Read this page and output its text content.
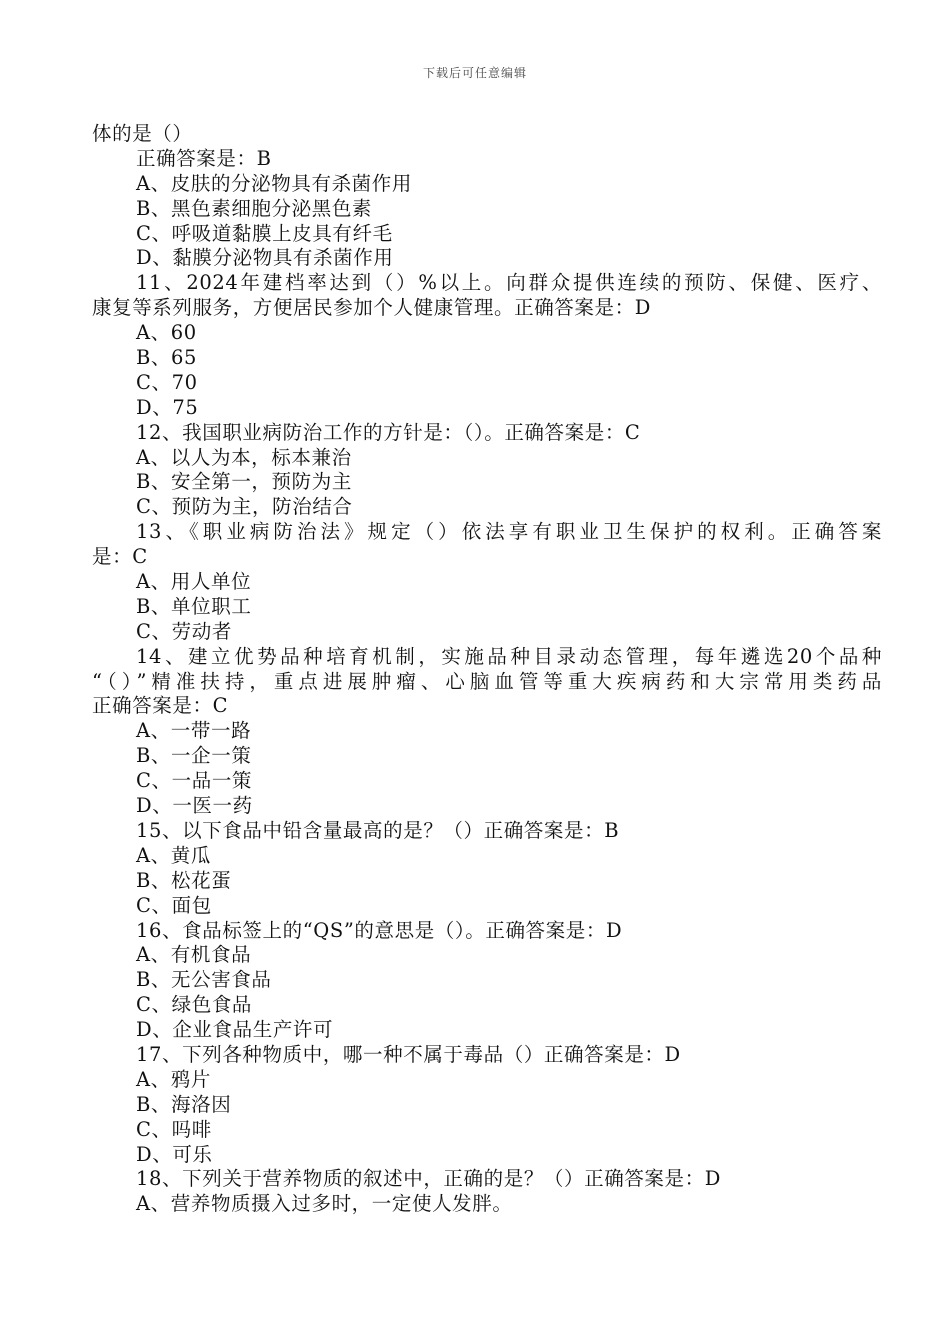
下载后可任意编辑
体的是（）
正确答案是：B
A、皮肤的分泌物具有杀菌作用
B、黑色素细胞分泌黑色素
C、呼吸道黏膜上皮具有纤毛
D、黏膜分泌物具有杀菌作用
11、2024年建档率达到（）%以上。向群众提供连续的预防、保健、医疗、
康复等系列服务，方便居民参加个人健康管理。正确答案是：D
A、60
B、65
C、70
D、75
12、我国职业病防治工作的方针是：（）。正确答案是：C
A、以人为本，标本兼治
B、安全第一，预防为主
C、预防为主，防治结合
13、《职业病防治法》规定（）依法享有职业卫生保护的权利。正确答案
是：C
A、用人单位
B、单位职工
C、劳动者
14、建立优势品种培育机制，实施品种目录动态管理，每年遴选20个品种
“（）”精准扶持，重点进展肿瘤、心脑血管等重大疾病药和大宗常用类药品
正确答案是：C
A、一带一路
B、一企一策
C、一品一策
D、一医一药
15、以下食品中铅含量最高的是？（）正确答案是：B
A、黄瓜
B、松花蛋
C、面包
16、食品标签上的“QS”的意思是（）。正确答案是：D
A、有机食品
B、无公害食品
C、绿色食品
D、企业食品生产许可
17、下列各种物质中，哪一种不属于毒品（）正确答案是：D
A、鸦片
B、海洛因
C、吗啡
D、可乐
18、下列关于营养物质的叙述中，正确的是？（）正确答案是：D
A、营养物质摄入过多时，一定使人发胖。
